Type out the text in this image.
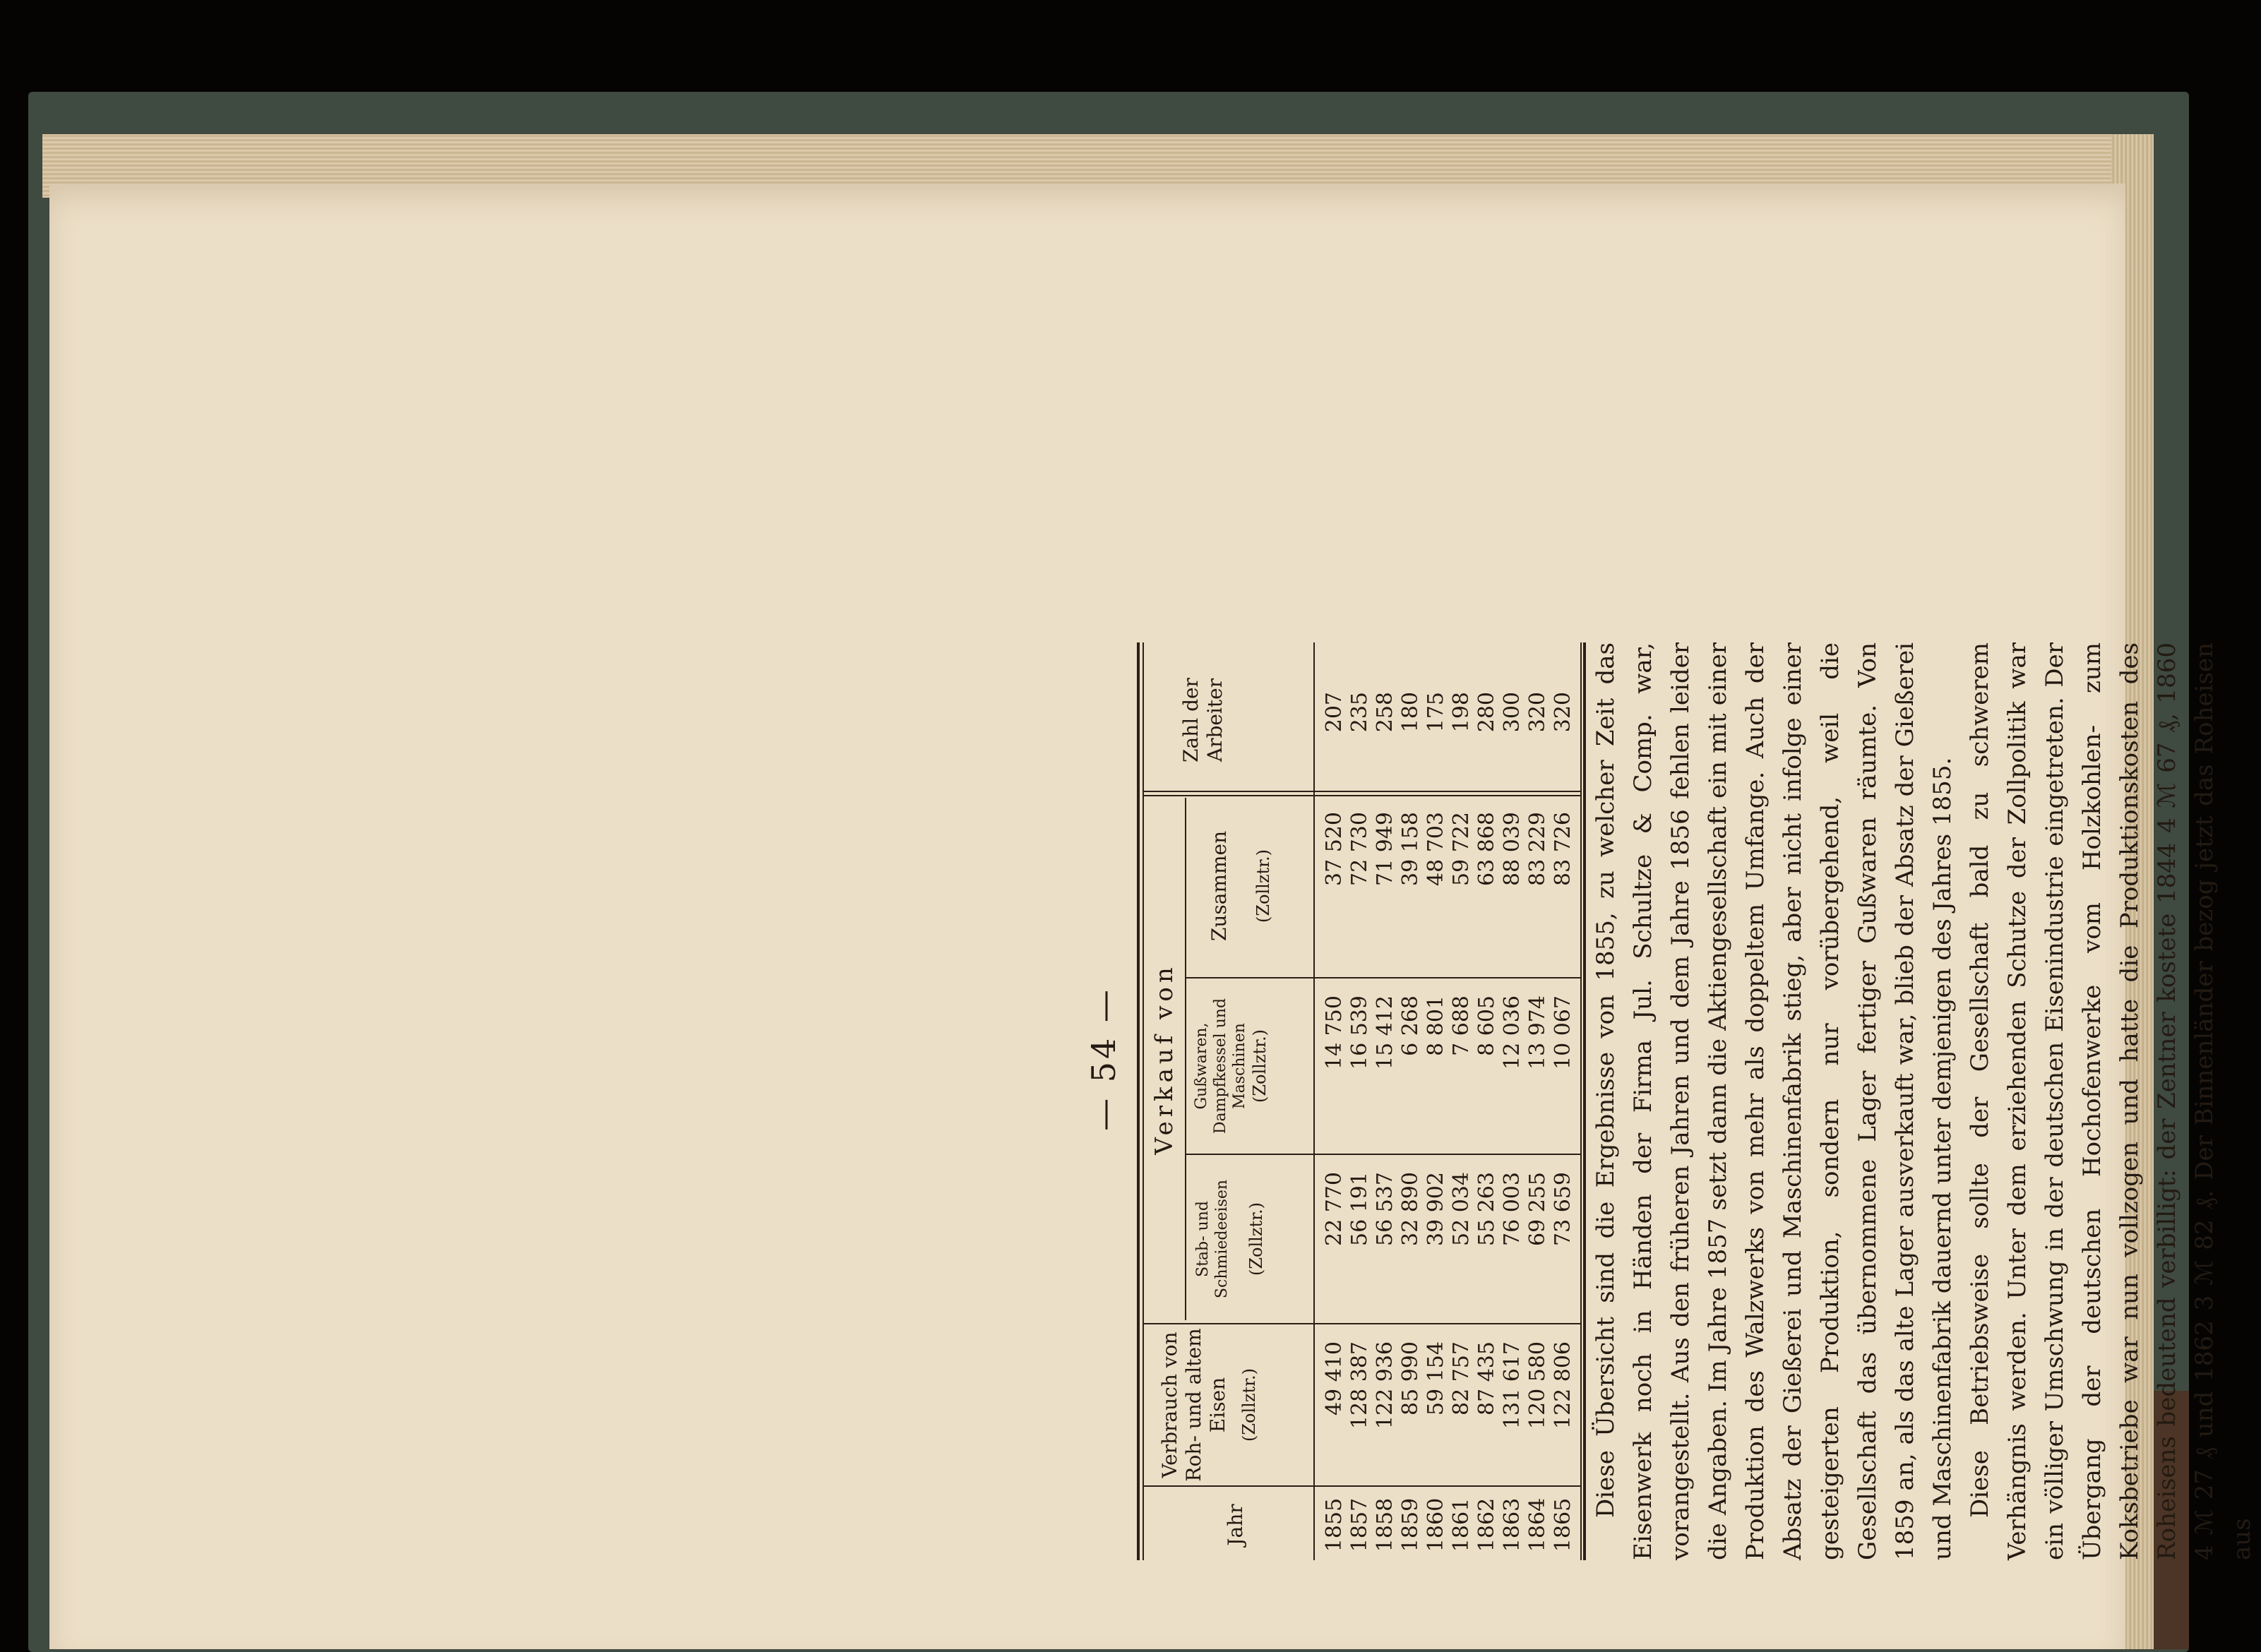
— 54 —
Jahr
Verbrauch von Roh- und altem Eisen (Zollztr.)
Verkauf von
Stab- und Schmiedeeisen (Zollztr.)
Gußwaren, Dampfkessel und Maschinen (Zollztr.)
Zusammen (Zollztr.)
Zahl der Arbeiter
1855
49 410
22 770
14 750
37 520
207
1857
128 387
56 191
16 539
72 730
235
1858
122 936
56 537
15 412
71 949
258
1859
85 990
32 890
6 268
39 158
180
1860
59 154
39 902
8 801
48 703
175
1861
82 757
52 034
7 688
59 722
198
1862
87 435
55 263
8 605
63 868
280
1863
131 617
76 003
12 036
88 039
300
1864
120 580
69 255
13 974
83 229
320
1865
122 806
73 659
10 067
83 726
320 Diese Übersicht sind die Ergebnisse von 1855, zu welcher Zeit das Eisenwerk noch in Händen der Firma Jul. Schultze & Comp. war, vorangestellt. Aus den früheren Jahren und dem Jahre 1856 fehlen leider die Angaben. Im Jahre 1857 setzt dann die Aktiengesellschaft ein mit einer Produktion des Walzwerks von mehr als doppeltem Umfange. Auch der Absatz der Gießerei und Maschinenfabrik stieg, aber nicht infolge einer gesteigerten Produktion, sondern nur vorübergehend, weil die Gesellschaft das übernommene Lager fertiger Gußwaren räumte. Von 1859 an, als das alte Lager ausverkauft war, blieb der Absatz der Gießerei und Maschinenfabrik dauernd unter demjenigen des Jahres 1855. Diese Betriebsweise sollte der Gesellschaft bald zu schwerem Verhängnis werden. Unter dem erziehenden Schutze der Zollpolitik war ein völliger Umschwung in der deutschen Eisenindustrie eingetreten. Der Übergang der deutschen Hochofenwerke vom Holzkohlen- zum Koksbetriebe war nun vollzogen und hatte die Produktionskosten des Roheisens bedeutend verbilligt: der Zentner kostete 1844 4 ℳ 67 ₰, 1860 4 ℳ 27 ₰ und 1862 3 ℳ 82 ₰. Der Binnenländer bezog jetzt das Roheisen aus
